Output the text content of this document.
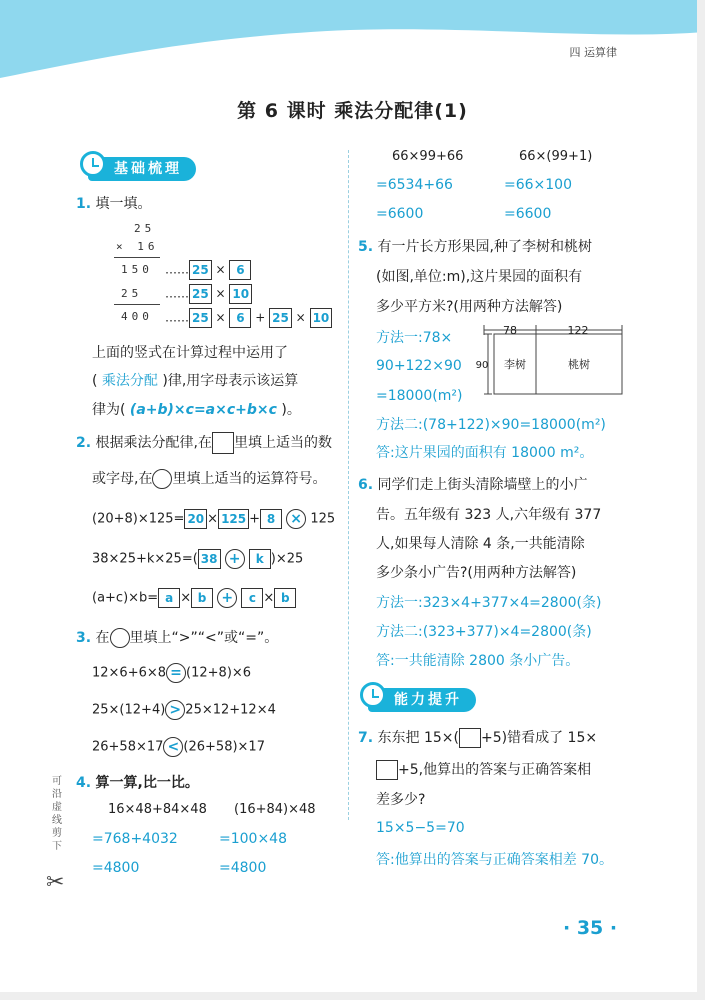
四 运算律
第 6 课时 乘法分配律(1)
基础梳理
1. 填一填。
25
× 16
150
25
400
…… 25 × 6
…… 25 × 10
…… 25 × 6 + 25 × 10
上面的竖式在计算过程中运用了
( 乘法分配 )律,用字母表示该运算
律为( (a+b)×c=a×c+b×c )。
2. 根据乘法分配律,在 里填上适当的数
或字母,在 里填上适当的运算符号。
(20+8)×125= 20 × 125 + 8 × 125
38×25+k×25=( 38 + k )×25
(a+c)×b= a × b + c × b
3. 在 里填上“>”“<”或“=”。
12×6+6×8 = (12+8)×6
25×(12+4) > 25×12+12×4
26+58×17 < (26+58)×17
4. 算一算,比一比。
16×48+84×48
=768+4032
=4800
(16+84)×48
=100×48
=4800
可沿虚线剪下
✂
66×99+66
=6534+66
=6600
66×(99+1)
=66×100
=6600
5. 有一片长方形果园,种了李树和桃树
(如图,单位:m),这片果园的面积有
多少平方米?(用两种方法解答)
方法一:78×
90+122×90
=18000(m²)
方法二:(78+122)×90=18000(m²)
答:这片果园的面积有 18000 m²。
78	122
90 李树	桃树
6. 同学们走上街头清除墙壁上的小广
告。五年级有 323 人,六年级有 377
人,如果每人清除 4 条,一共能清除
多少条小广告?(用两种方法解答)
方法一:323×4+377×4=2800(条)
方法二:(323+377)×4=2800(条)
答:一共能清除 2800 条小广告。
能力提升
7. 东东把 15×( +5)错看成了 15×
+5,他算出的答案与正确答案相
差多少?
15×5−5=70
答:他算出的答案与正确答案相差 70。
· 35 ·
